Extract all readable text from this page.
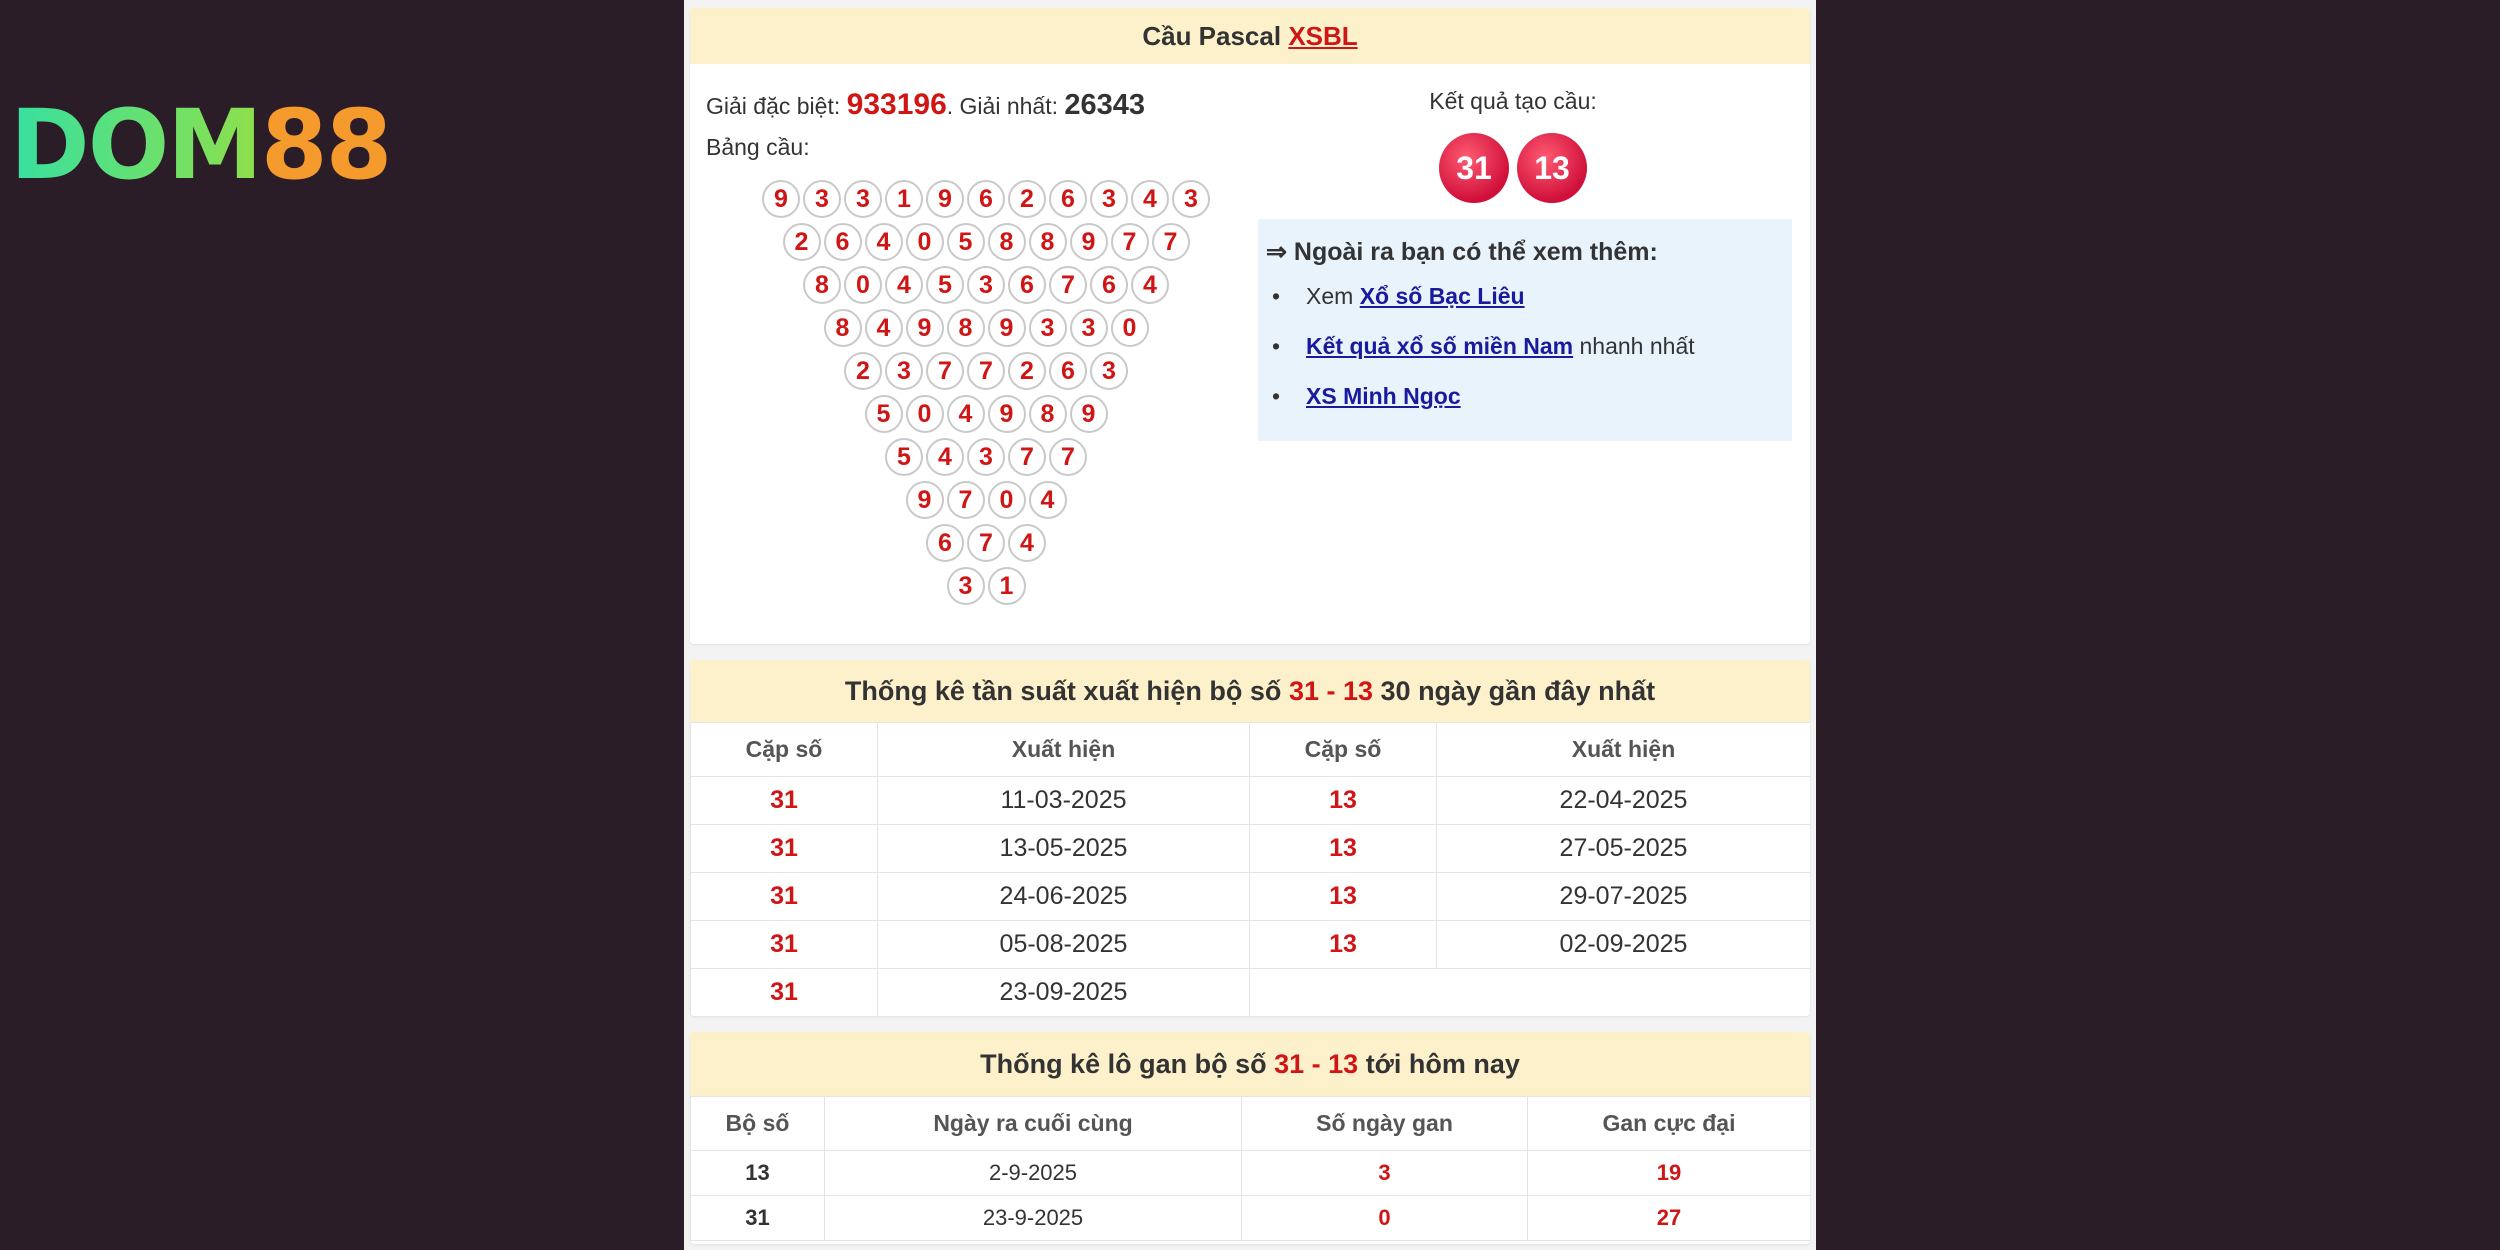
DOM88
Cầu Pascal XSBL
Giải đặc biệt: 933196. Giải nhất: 26343
Bảng cầu:
9	3	3	1	9	6	2	6	3	4	3
2	6	4	0	5	8	8	9	7	7
8	0	4	5	3	6	7	6	4
8	4	9	8	9	3	3	0
2	3	7	7	2	6	3
5	0	4	9	8	9
5	4	3	7	7
9	7	0	4
6	7	4
3	1
Kết quả tạo cầu:
31	13
⇒ Ngoài ra bạn có thể xem thêm:
• Xem Xổ số Bạc Liêu
• Kết quả xổ số miền Nam nhanh nhất
• XS Minh Ngọc
Thống kê tần suất xuất hiện bộ số 31 - 13 30 ngày gần đây nhất
Cặp số	Xuất hiện	Cặp số	Xuất hiện
31	11-03-2025	13	22-04-2025
31	13-05-2025	13	27-05-2025
31	24-06-2025	13	29-07-2025
31	05-08-2025	13	02-09-2025
31	23-09-2025		
Thống kê lô gan bộ số 31 - 13 tới hôm nay
Bộ số	Ngày ra cuối cùng	Số ngày gan	Gan cực đại
13	2-9-2025	3	19
31	23-9-2025	0	27
